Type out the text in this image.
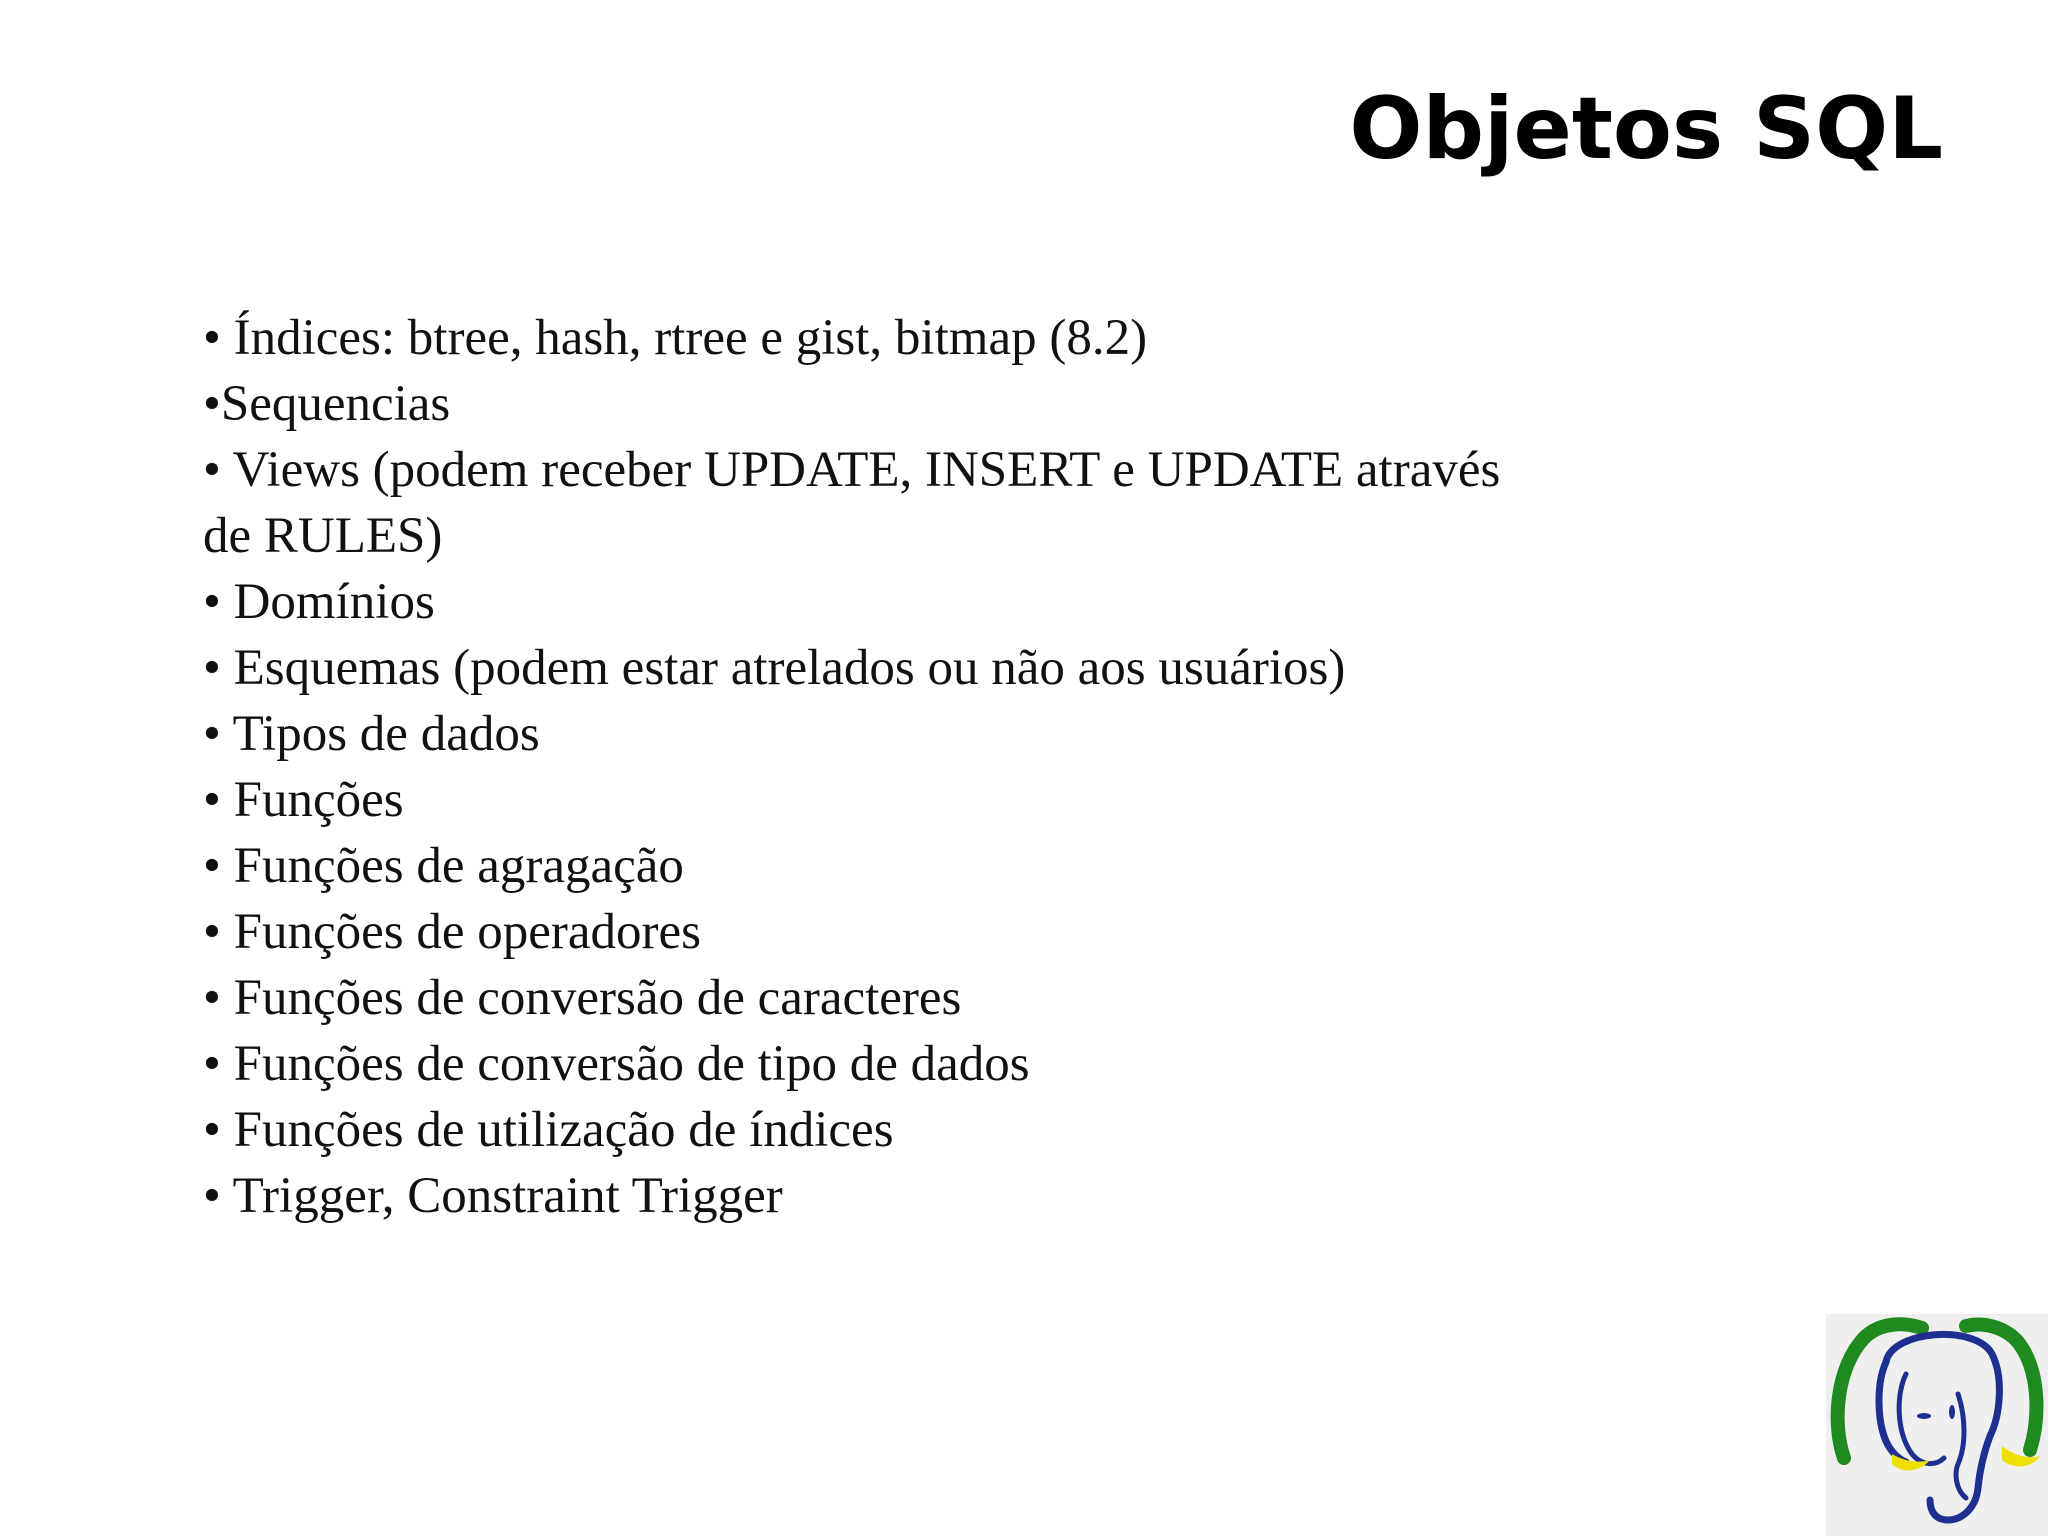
Objetos SQL
• Índices: btree, hash, rtree e gist, bitmap (8.2)
•Sequencias
• Views (podem receber UPDATE, INSERT e UPDATE através
de RULES)
• Domínios
• Esquemas (podem estar atrelados ou não aos usuários)
• Tipos de dados
• Funções
• Funções de agragação
• Funções de operadores
• Funções de conversão de caracteres
• Funções de conversão de tipo de dados
• Funções de utilização de índices
• Trigger, Constraint Trigger
